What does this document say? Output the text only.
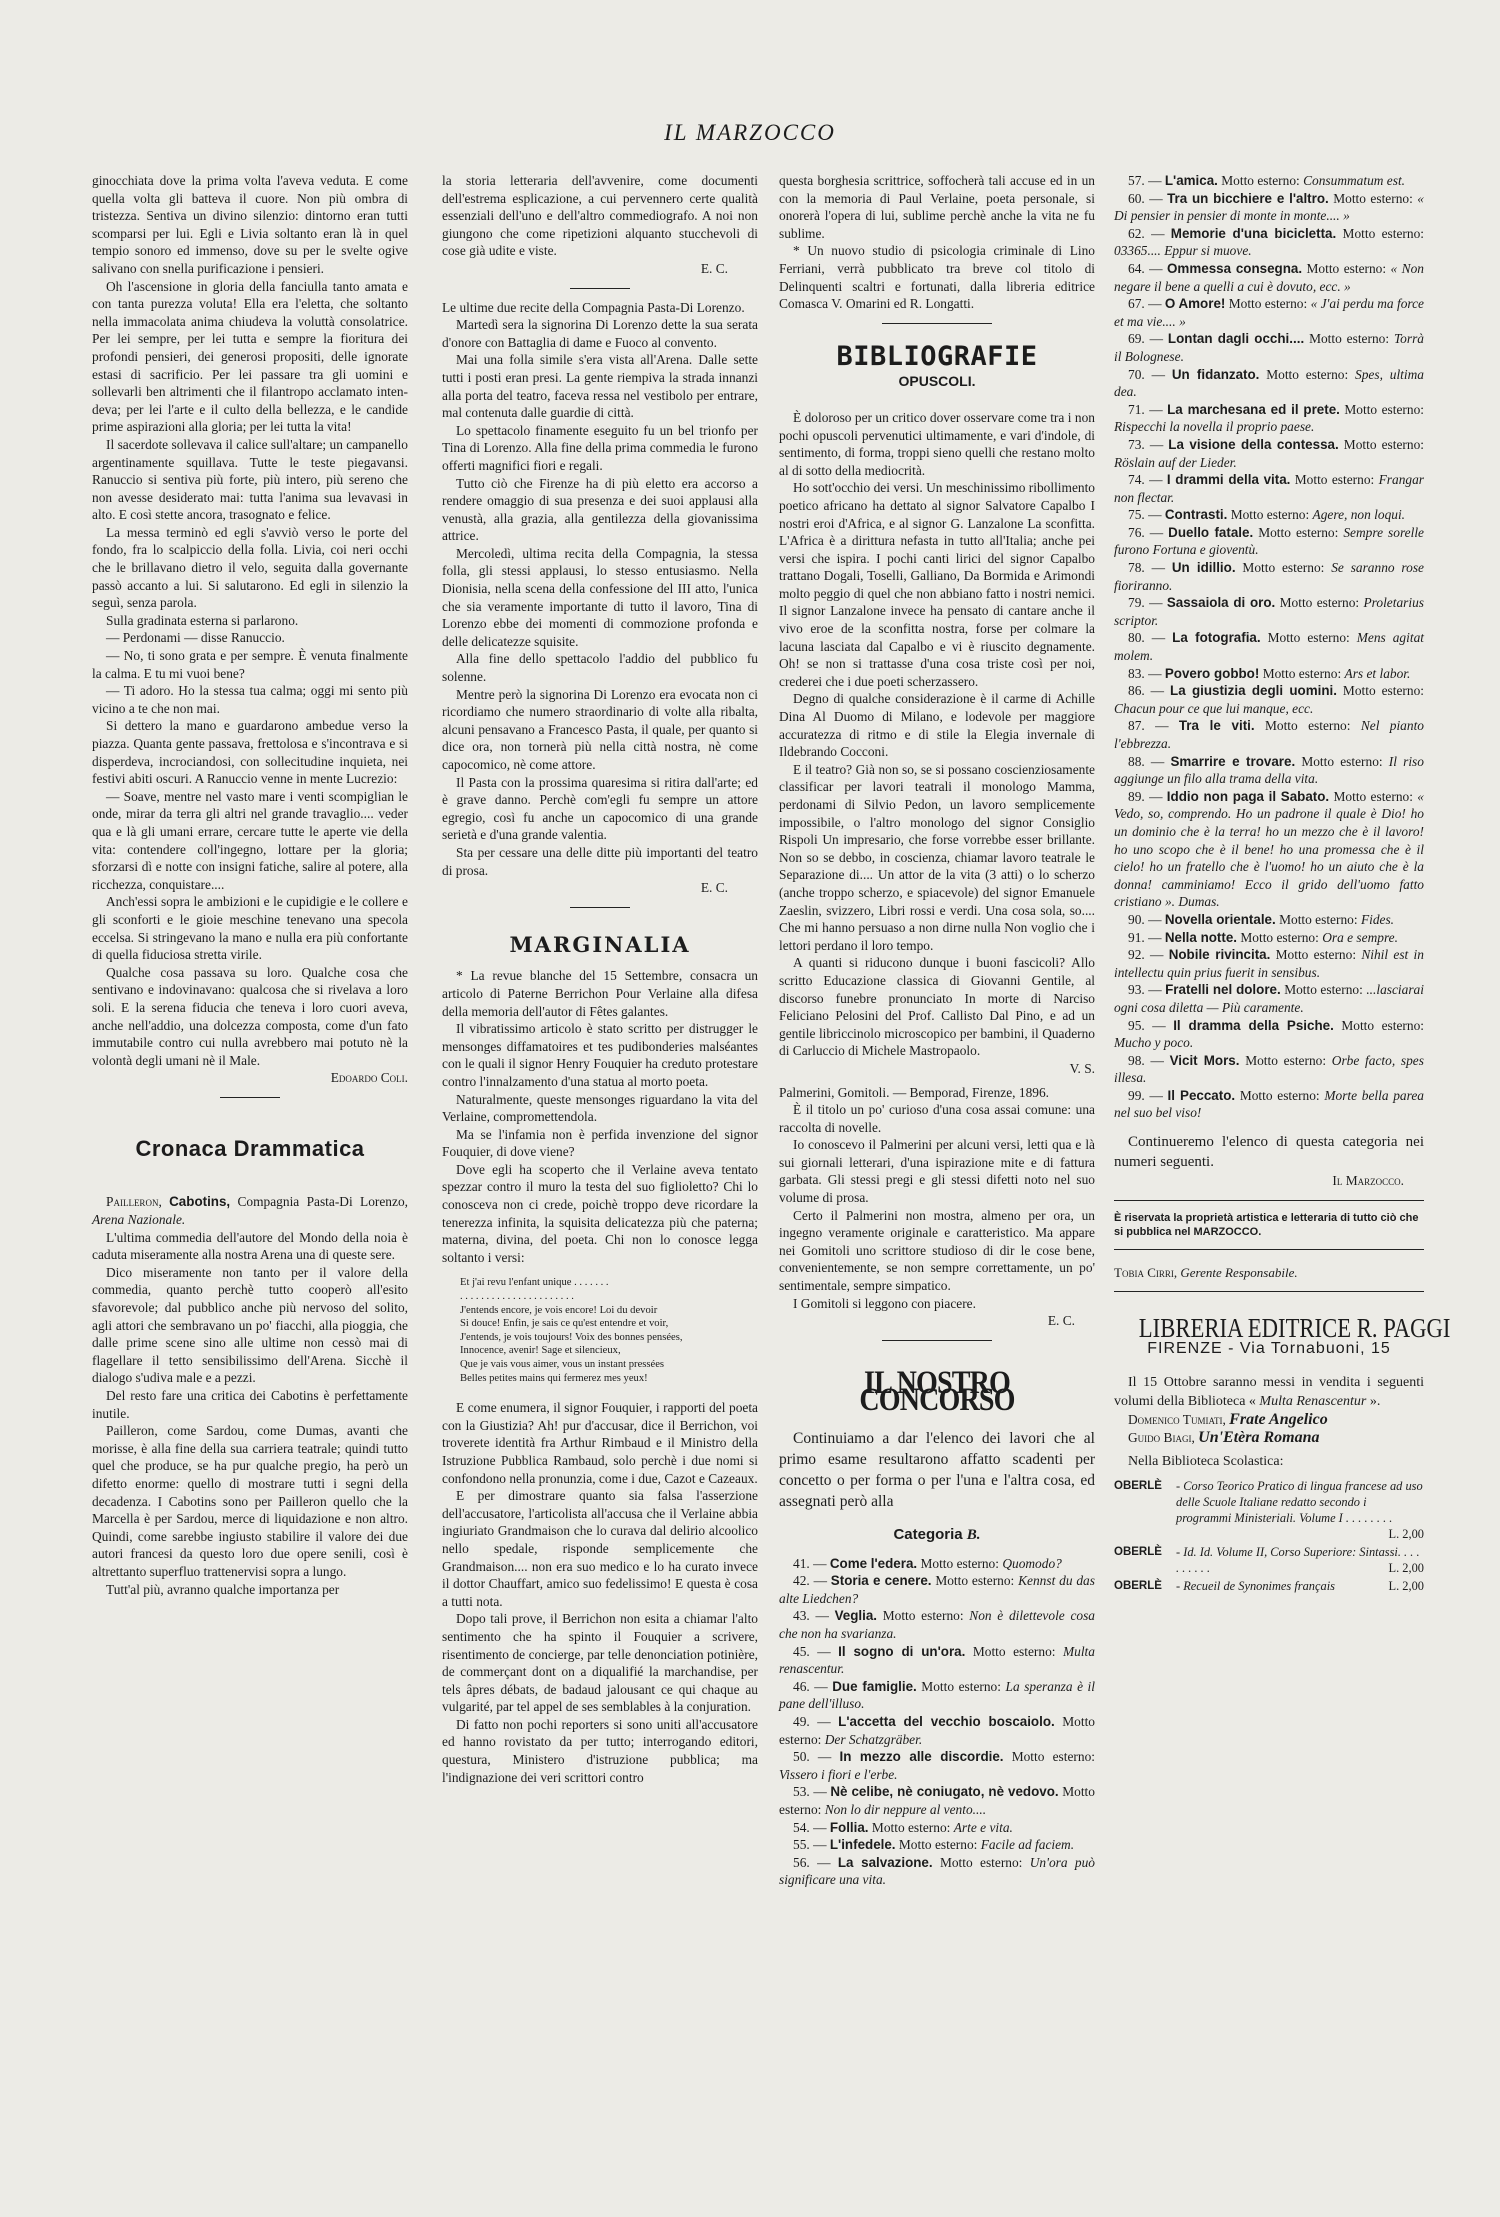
IL MARZOCCO

ginocchiata dove la prima volta l'aveva veduta. E come quella volta gli batteva il cuore. Non più ombra di tristezza. Sentiva un divino silenzio: dintorno eran tutti scomparsi per lui. Egli e Livia soltanto eran là in quel tempio sonoro ed immenso, dove su per le svelte ogive salivano con snella purificazione i pensieri.

Oh l'ascensione in gloria della fanciulla tanto amata e con tanta purezza voluta! Ella era l'eletta, che soltanto nella immacolata anima chiudeva la voluttà consolatrice. Per lei sempre, per lei tutta e sempre la fioritura dei profondi pensieri, dei generosi propositi, delle ignorate estasi di sacrificio. Per lei passare tra gli uomini e sollevarli ben altrimenti che il filantropo acclamato intendeva; per lei l'arte e il culto della bellezza, e le candide prime aspirazioni alla gloria; per lei tutta la vita!

Il sacerdote sollevava il calice sull'altare; un campanello argentinamente squillava. Tutte le teste piegavansi. Ranuccio si sentiva più forte, più intero, più sereno che non avesse desiderato mai: tutta l'anima sua levavasi in alto. E così stette ancora, trasognato e felice.

La messa terminò ed egli s'avviò verso le porte del fondo, fra lo scalpiccio della folla. Livia, coi neri occhi che le brillavano dietro il velo, seguita dalla governante passò accanto a lui. Si salutarono. Ed egli in silenzio la seguì, senza parola.

Sulla gradinata esterna si parlarono.

— Perdonami — disse Ranuccio.

— No, ti sono grata e per sempre. È venuta finalmente la calma. E tu mi vuoi bene?

— Ti adoro. Ho la stessa tua calma; oggi mi sento più vicino a te che non mai.

Si dettero la mano e guardarono ambedue verso la piazza. Quanta gente passava, frettolosa e s'incontrava e si disperdeva, incrociandosi, con sollecitudine inquieta, nei festivi abiti oscuri. A Ranuccio venne in mente Lucrezio:

— Soave, mentre nel vasto mare i venti scompiglian le onde, mirar da terra gli altri nel grande travaglio.... veder qua e là gli umani errare, cercare tutte le aperte vie della vita: contendere coll'ingegno, lottare per la gloria; sforzarsi dì e notte con insigni fatiche, salire al potere, alla ricchezza, conquistare....

Anch'essi sopra le ambizioni e le cupidigie e le collere e gli sconforti e le gioie meschine tenevano una specola eccelsa. Si stringevano la mano e nulla era più confortante di quella fiduciosa stretta virile.

Qualche cosa passava su loro. Qualche cosa che sentivano e indovinavano: qualcosa che si rivelava a loro soli. E la serena fiducia che teneva i loro cuori aveva, anche nell'addio, una dolcezza composta, come d'un fato immutabile contro cui nulla avrebbero mai potuto nè la volontà degli umani nè il Male.

Edoardo Coli.

Cronaca Drammatica

Pailleron, Cabotins, Compagnia Pasta-Di Lorenzo, Arena Nazionale.

L'ultima commedia dell'autore del Mondo della noia è caduta miseramente alla nostra Arena una di queste sere.

Dico miseramente non tanto per il valore della commedia, quanto perchè tutto cooperò all'esito sfavorevole; dal pubblico anche più nervoso del solito, agli attori che sembravano un po' fiacchi, alla pioggia, che dalle prime scene sino alle ultime non cessò mai di flagellare il tetto sensibilissimo dell'Arena. Sicchè il dialogo s'udiva male e a pezzi.

Del resto fare una critica dei Cabotins è perfettamente inutile.

Pailleron, come Sardou, come Dumas, avanti che morisse, è alla fine della sua carriera teatrale; quindi tutto quel che produce, se ha pur qualche pregio, ha però un difetto enorme: quello di mostrare tutti i segni della decadenza. I Cabotins sono per Pailleron quello che la Marcella è per Sardou, merce di liquidazione e non altro. Quindi, come sarebbe ingiusto stabilire il valore dei due autori francesi da questo loro due opere senili, così è altrettanto superfluo trattenervisi sopra a lungo.

Tutt'al più, avranno qualche importanza per

la storia letteraria dell'avvenire, come documenti dell'estrema esplicazione, a cui pervennero certe qualità essenziali dell'uno e dell'altro commediografo. A noi non giungono che come ripetizioni alquanto stucchevoli di cose già udite e viste.

E. C.

Le ultime due recite della Compagnia Pasta-Di Lorenzo.

Martedì sera la signorina Di Lorenzo dette la sua serata d'onore con Battaglia di dame e Fuoco al convento.

Mai una folla simile s'era vista all'Arena. Dalle sette tutti i posti eran presi. La gente riempiva la strada innanzi alla porta del teatro, faceva ressa nel vestibolo per entrare, mal contenuta dalle guardie di città.

Lo spettacolo finamente eseguito fu un bel trionfo per Tina di Lorenzo. Alla fine della prima commedia le furono offerti magnifici fiori e regali.

Tutto ciò che Firenze ha di più eletto era accorso a rendere omaggio di sua presenza e dei suoi applausi alla venustà, alla grazia, alla gentilezza della giovanissima attrice.

Mercoledì, ultima recita della Compagnia, la stessa folla, gli stessi applausi, lo stesso entusiasmo. Nella Dionisia, nella scena della confessione del III atto, l'unica che sia veramente importante di tutto il lavoro, Tina di Lorenzo ebbe dei momenti di commozione profonda e delle delicatezze squisite.

Alla fine dello spettacolo l'addio del pubblico fu solenne.

Mentre però la signorina Di Lorenzo era evocata non ci ricordiamo che numero straordinario di volte alla ribalta, alcuni pensavano a Francesco Pasta, il quale, per quanto si dice ora, non tornerà più nella città nostra, nè come capocomico, nè come attore.

Il Pasta con la prossima quaresima si ritira dall'arte; ed è grave danno. Perchè com'egli fu sempre un attore egregio, così fu anche un capocomico di una grande serietà e d'una grande valentia.

Sta per cessare una delle ditte più importanti del teatro di prosa.

E. C.

MARGINALIA

* La revue blanche del 15 Settembre, consacra un articolo di Paterne Berrichon Pour Verlaine alla difesa della memoria dell'autor di Fêtes galantes.

Il vibratissimo articolo è stato scritto per distrugger le mensonges diffamatoires et tes pudibonderies malséantes con le quali il signor Henry Fouquier ha creduto protestare contro l'innalzamento d'una statua al morto poeta.

Naturalmente, queste mensonges riguardano la vita del Verlaine, compromettendola.

Ma se l'infamia non è perfida invenzione del signor Fouquier, di dove viene?

Dove egli ha scoperto che il Verlaine aveva tentato spezzar contro il muro la testa del suo figlioletto? Chi lo conosceva non ci crede, poichè troppo deve ricordare la tenerezza infinita, la squisita delicatezza più che paterna; materna, divina, del poeta. Chi non lo conosce legga soltanto i versi:

Et j'ai revu l'enfant unique . . . . . . .
. . . . . . . . . . . . . . . . . . . . . .
J'entends encore, je vois encore! Loi du devoir
Si douce! Enfin, je sais ce qu'est entendre et voir,
J'entends, je vois toujours! Voix des bonnes pensées,
Innocence, avenir! Sage et silencieux,
Que je vais vous aimer, vous un instant pressées
Belles petites mains qui fermerez mes yeux!

E come enumera, il signor Fouquier, i rapporti del poeta con la Giustizia? Ah! pur d'accusar, dice il Berrichon, voi troverete identità fra Arthur Rimbaud e il Ministro della Istruzione Pubblica Rambaud, solo perchè i due nomi si confondono nella pronunzia, come i due, Cazot e Cazeaux.

E per dimostrare quanto sia falsa l'asserzione dell'accusatore, l'articolista all'accusa che il Verlaine abbia ingiuriato Grandmaison che lo curava dal delirio alcoolico nello spedale, risponde semplicemente che Grandmaison.... non era suo medico e lo ha curato invece il dottor Chauffart, amico suo fedelissimo! E questa è cosa a tutti nota.

Dopo tali prove, il Berrichon non esita a chiamar l'alto sentimento che ha spinto il Fouquier a scrivere, risentimento de concierge, par telle denonciation potinière, de commerçant dont on a diqualifié la marchandise, per tels âpres débats, de badaud jalousant ce qui chaque au vulgarité, par tel appel de ses semblables à la conjuration.

Di fatto non pochi reporters si sono uniti all'accusatore ed hanno rovistato da per tutto; interrogando editori, questura, Ministero d'istruzione pubblica; ma l'indignazione dei veri scrittori contro

questa borghesia scrittrice, soffocherà tali accuse ed in un con la memoria di Paul Verlaine, poeta personale, si onorerà l'opera di lui, sublime perchè anche la vita ne fu sublime.

* Un nuovo studio di psicologia criminale di Lino Ferriani, verrà pubblicato tra breve col titolo di Delinquenti scaltri e fortunati, dalla libreria editrice Comasca V. Omarini ed R. Longatti.

BIBLIOGRAFIE
OPUSCOLI.

È doloroso per un critico dover osservare come tra i non pochi opuscoli pervenutici ultimamente, e vari d'indole, di sentimento, di forma, troppi sieno quelli che restano molto al di sotto della mediocrità.

Ho sott'occhio dei versi. Un meschinissimo ribollimento poetico africano ha dettato al signor Salvatore Capalbo I nostri eroi d'Africa, e al signor G. Lanzalone La sconfitta. L'Africa è a dirittura nefasta in tutto all'Italia; anche pei versi che ispira. I pochi canti lirici del signor Capalbo trattano Dogali, Toselli, Galliano, Da Bormida e Arimondi molto peggio di quel che non abbiano fatto i nostri nemici. Il signor Lanzalone invece ha pensato di cantare anche il vivo eroe de la sconfitta nostra, forse per colmare la lacuna lasciata dal Capalbo e vi è riuscito degnamente. Oh! se non si trattasse d'una cosa triste così per noi, crederei che i due poeti scherzassero.

Degno di qualche considerazione è il carme di Achille Dina Al Duomo di Milano, e lodevole per maggiore accuratezza di ritmo e di stile la Elegia invernale di Ildebrando Cocconi.

E il teatro? Già non so, se si possano coscienziosamente classificar per lavori teatrali il monologo Mamma, perdonami di Silvio Pedon, un lavoro semplicemente impossibile, o l'altro monologo del signor Consiglio Rispoli Un impresario, che forse vorrebbe esser brillante. Non so se debbo, in coscienza, chiamar lavoro teatrale le Separazione di.... Un attor de la vita (3 atti) o lo scherzo (anche troppo scherzo, e spiacevole) del signor Emanuele Zaeslin, svizzero, Libri rossi e verdi. Una cosa sola, so.... Che mi hanno persuaso a non dirne nulla Non voglio che i lettori perdano il loro tempo.

A quanti si riducono dunque i buoni fascicoli? Allo scritto Educazione classica di Giovanni Gentile, al discorso funebre pronunciato In morte di Narciso Feliciano Pelosini del Prof. Callisto Dal Pino, e ad un gentile libriccinolo microscopico per bambini, il Quaderno di Carluccio di Michele Mastropaolo.

V. S.

Palmerini, Gomitoli. — Bemporad, Firenze, 1896.

È il titolo un po' curioso d'una cosa assai comune: una raccolta di novelle.

Io conoscevo il Palmerini per alcuni versi, letti qua e là sui giornali letterari, d'una ispirazione mite e di fattura garbata. Gli stessi pregi e gli stessi difetti noto nel suo volume di prosa.

Certo il Palmerini non mostra, almeno per ora, un ingegno veramente originale e caratteristico. Ma appare nei Gomitoli uno scrittore studioso di dir le cose bene, convenientemente, se non sempre correttamente, un po' sentimentale, sempre simpatico.

I Gomitoli si leggono con piacere.

E. C.

IL NOSTRO CONCORSO

Continuiamo a dar l'elenco dei lavori che al primo esame resultarono affatto scadenti per concetto o per forma o per l'una e l'altra cosa, ed assegnati però alla

Categoria B.

41. — Come l'edera. Motto esterno: Quomodo?

42. — Storia e cenere. Motto esterno: Kennst du das alte Liedchen?

43. — Veglia. Motto esterno: Non è dilettevole cosa che non ha svarianza.

45. — Il sogno di un'ora. Motto esterno: Multa renascentur.

46. — Due famiglie. Motto esterno: La speranza è il pane dell'illuso.

49. — L'accetta del vecchio boscaiolo. Motto esterno: Der Schatzgräber.

50. — In mezzo alle discordie. Motto esterno: Vissero i fiori e l'erbe.

53. — Nè celibe, nè coniugato, nè vedovo. Motto esterno: Non lo dir neppure al vento....

54. — Follia. Motto esterno: Arte e vita.

55. — L'infedele. Motto esterno: Facile ad faciem.

56. — La salvazione. Motto esterno: Un'ora può significare una vita.

57. — L'amica. Motto esterno: Consummatum est.

60. — Tra un bicchiere e l'altro. Motto esterno: « Di pensier in pensier di monte in monte.... »

62. — Memorie d'una bicicletta. Motto esterno: 03365.... Eppur si muove.

64. — Ommessa consegna. Motto esterno: « Non negare il bene a quelli a cui è dovuto, ecc. »

67. — O Amore! Motto esterno: « J'ai perdu ma force et ma vie.... »

69. — Lontan dagli occhi.... Motto esterno: Torrà il Bolognese.

70. — Un fidanzato. Motto esterno: Spes, ultima dea.

71. — La marchesana ed il prete. Motto esterno: Rispecchi la novella il proprio paese.

73. — La visione della contessa. Motto esterno: Röslain auf der Lieder.

74. — I drammi della vita. Motto esterno: Frangar non flectar.

75. — Contrasti. Motto esterno: Agere, non loqui.

76. — Duello fatale. Motto esterno: Sempre sorelle furono Fortuna e gioventù.

78. — Un idillio. Motto esterno: Se saranno rose fioriranno.

79. — Sassaiola di oro. Motto esterno: Proletarius scriptor.

80. — La fotografia. Motto esterno: Mens agitat molem.

83. — Povero gobbo! Motto esterno: Ars et labor.

86. — La giustizia degli uomini. Motto esterno: Chacun pour ce que lui manque, ecc.

87. — Tra le viti. Motto esterno: Nel pianto l'ebbrezza.

88. — Smarrire e trovare. Motto esterno: Il riso aggiunge un filo alla trama della vita.

89. — Iddio non paga il Sabato. Motto esterno: « Vedo, so, comprendo. Ho un padrone il quale è Dio! ho un dominio che è la terra! ho un mezzo che è il lavoro! ho uno scopo che è il bene! ho una promessa che è il cielo! ho un fratello che è l'uomo! ho un aiuto che è la donna! camminiamo! Ecco il grido dell'uomo fatto cristiano ». Dumas.

90. — Novella orientale. Motto esterno: Fides.

91. — Nella notte. Motto esterno: Ora e sempre.

92. — Nobile rivincita. Motto esterno: Nihil est in intellectu quin prius fuerit in sensibus.

93. — Fratelli nel dolore. Motto esterno: ...lasciarai ogni cosa diletta — Più caramente.

95. — Il dramma della Psiche. Motto esterno: Mucho y poco.

98. — Vicit Mors. Motto esterno: Orbe facto, spes illesa.

99. — Il Peccato. Motto esterno: Morte bella parea nel suo bel viso!

Continueremo l'elenco di questa categoria nei numeri seguenti.

Il Marzocco.

È riservata la proprietà artistica e letteraria di tutto ciò che si pubblica nel MARZOCCO.
Tobia Cirri, Gerente Responsabile.
LIBRERIA EDITRICE R. PAGGI
FIRENZE - Via Tornabuoni, 15

Il 15 Ottobre saranno messi in vendita i seguenti volumi della Biblioteca « Multa Renascentur ».

Domenico Tumiati, Frate Angelico

Guido Biagi, Un'Etèra Romana

Nella Biblioteca Scolastica:

OBERLÈ	- Corso Teorico Pratico di lingua francese ad uso delle Scuole Italiane redatto secondo i programmi Ministeriali. Volume I . . . . . . . .
L. 2,00
OBERLÈ	- Id. Id. Volume II, Corso Superiore: Sintassi. . . . . . . . . .	L. 2,00
OBERLÈ	- Recueil de Synonimes français	L. 2,00
